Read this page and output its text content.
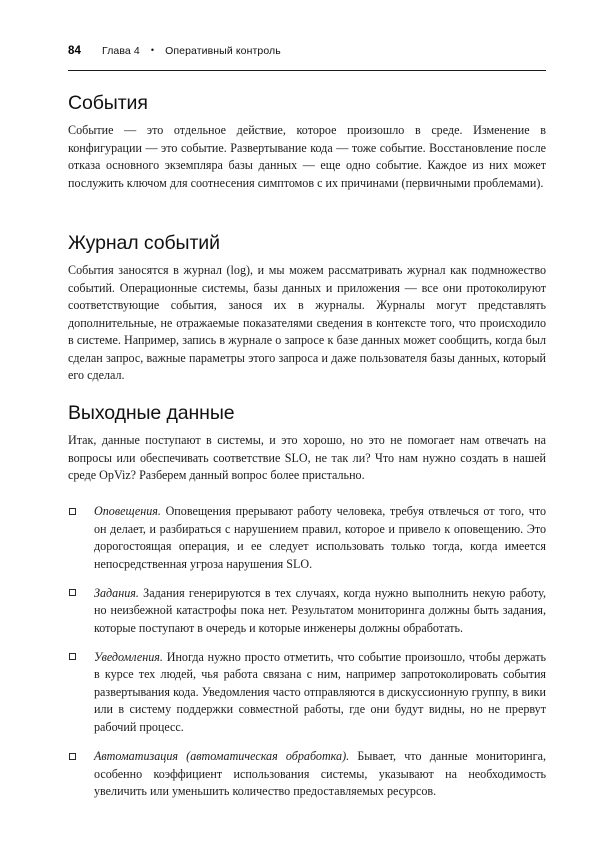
84 Глава 4 • Оперативный контроль
События

Событие — это отдельное действие, которое произошло в среде. Изменение в конфигурации — это событие. Развертывание кода — тоже событие. Восстановление после отказа основного экземпляра базы данных — еще одно событие. Каждое из них может послужить ключом для соотнесения симптомов с их причинами (первичными проблемами).

Журнал событий

События заносятся в журнал (log), и мы можем рассматривать журнал как подмножество событий. Операционные системы, базы данных и приложения — все они протоколируют соответствующие события, занося их в журналы. Журналы могут представлять дополнительные, не отражаемые показателями сведения в контексте того, что происходило в системе. Например, запись в журнале о запросе к базе данных может сообщить, когда был сделан запрос, важные параметры этого запроса и даже пользователя базы данных, который его сделал.

Выходные данные

Итак, данные поступают в системы, и это хорошо, но это не помогает нам отвечать на вопросы или обеспечивать соответствие SLO, не так ли? Что нам нужно создать в нашей среде OpViz? Разберем данный вопрос более пристально.

Оповещения. Оповещения прерывают работу человека, требуя отвлечься от того, что он делает, и разбираться с нарушением правил, которое и привело к оповещению. Это дорогостоящая операция, и ее следует использовать только тогда, когда имеется непосредственная угроза нарушения SLO.
Задания. Задания генерируются в тех случаях, когда нужно выполнить некую работу, но неизбежной катастрофы пока нет. Результатом мониторинга должны быть задания, которые поступают в очередь и которые инженеры должны обработать.
Уведомления. Иногда нужно просто отметить, что событие произошло, чтобы держать в курсе тех людей, чья работа связана с ним, например запротоколировать события развертывания кода. Уведомления часто отправляются в дискуссионную группу, в вики или в систему поддержки совместной работы, где они будут видны, но не прервут рабочий процесс.
Автоматизация (автоматическая обработка). Бывает, что данные мониторинга, особенно коэффициент использования системы, указывают на необходимость увеличить или уменьшить количество предоставляемых ресурсов.
